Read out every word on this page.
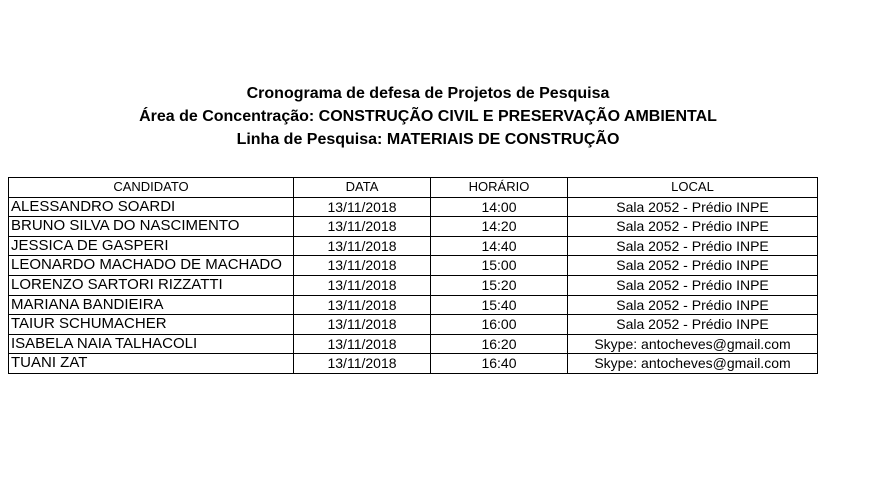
Cronograma de defesa de Projetos de Pesquisa
Área de Concentração: CONSTRUÇÃO CIVIL E PRESERVAÇÃO AMBIENTAL
Linha de Pesquisa: MATERIAIS DE CONSTRUÇÃO
CANDIDATO	DATA	HORÁRIO	LOCAL
ALESSANDRO SOARDI	13/11/2018	14:00	Sala 2052 - Prédio INPE
BRUNO SILVA DO NASCIMENTO	13/11/2018	14:20	Sala 2052 - Prédio INPE
JESSICA DE GASPERI	13/11/2018	14:40	Sala 2052 - Prédio INPE
LEONARDO MACHADO DE MACHADO	13/11/2018	15:00	Sala 2052 - Prédio INPE
LORENZO SARTORI RIZZATTI	13/11/2018	15:20	Sala 2052 - Prédio INPE
MARIANA BANDIEIRA	13/11/2018	15:40	Sala 2052 - Prédio INPE
TAIUR SCHUMACHER	13/11/2018	16:00	Sala 2052 - Prédio INPE
ISABELA NAIA TALHACOLI	13/11/2018	16:20	Skype: antocheves@gmail.com
TUANI ZAT	13/11/2018	16:40	Skype: antocheves@gmail.com
